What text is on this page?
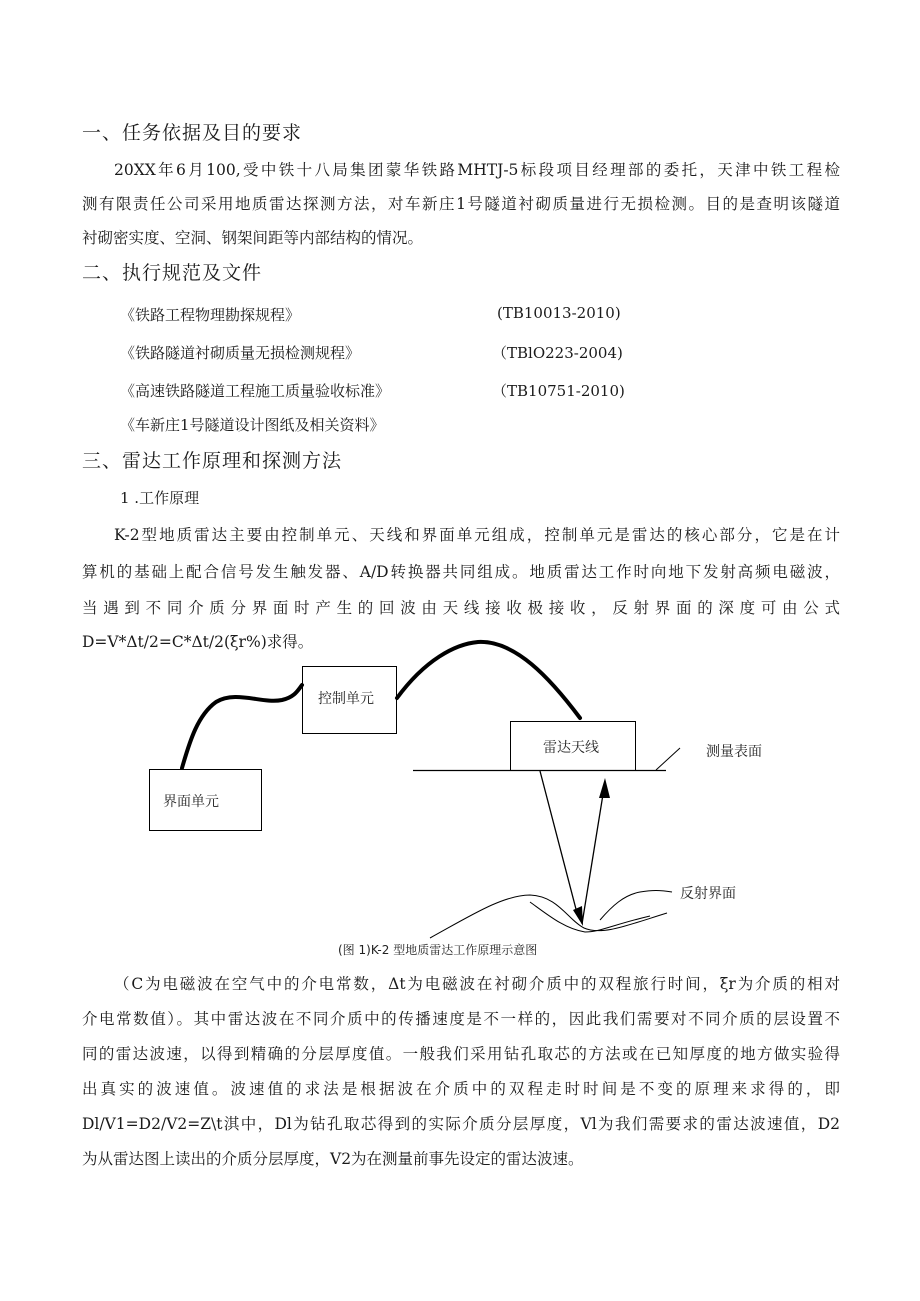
一、任务依据及目的要求
20XX年6月100,受中铁十八局集团蒙华铁路MHTJ-5标段项目经理部的委托，天津中铁工程检
测有限责任公司采用地质雷达探测方法，对车新庄1号隧道衬砌质量进行无损检测。目的是查明该隧道
衬砌密实度、空洞、钢架间距等内部结构的情况。
二、执行规范及文件
《铁路工程物理勘探规程》	(TB10013-2010)
《铁路隧道衬砌质量无损检测规程》	（TBlO223-2004)
《高速铁路隧道工程施工质量验收标准》	（TB10751-2010)
《车新庄1号隧道设计图纸及相关资料》
三、雷达工作原理和探测方法
1 .工作原理
K-2型地质雷达主要由控制单元、天线和界面单元组成，控制单元是雷达的核心部分，它是在计
算机的基础上配合信号发生触发器、A/D转换器共同组成。地质雷达工作时向地下发射高频电磁波，
当遇到不同介质分界面时产生的回波由天线接收极接收，反射界面的深度可由公式
D=V*Δt/2=C*Δt/2(ξr%)求得。
控制单元
界面单元
雷达天线	测量表面
反射界面
(图 1)K-2 型地质雷达工作原理示意图
（C为电磁波在空气中的介电常数，Δt为电磁波在衬砌介质中的双程旅行时间，ξr为介质的相对
介电常数值）。其中雷达波在不同介质中的传播速度是不一样的，因此我们需要对不同介质的层设置不
同的雷达波速，以得到精确的分层厚度值。一般我们采用钻孔取芯的方法或在已知厚度的地方做实验得
出真实的波速值。波速值的求法是根据波在介质中的双程走时时间是不变的原理来求得的，即
Dl/V1=D2/V2=Z\t淇中，Dl为钻孔取芯得到的实际介质分层厚度，Vl为我们需要求的雷达波速值，D2
为从雷达图上读出的介质分层厚度，V2为在测量前事先设定的雷达波速。
